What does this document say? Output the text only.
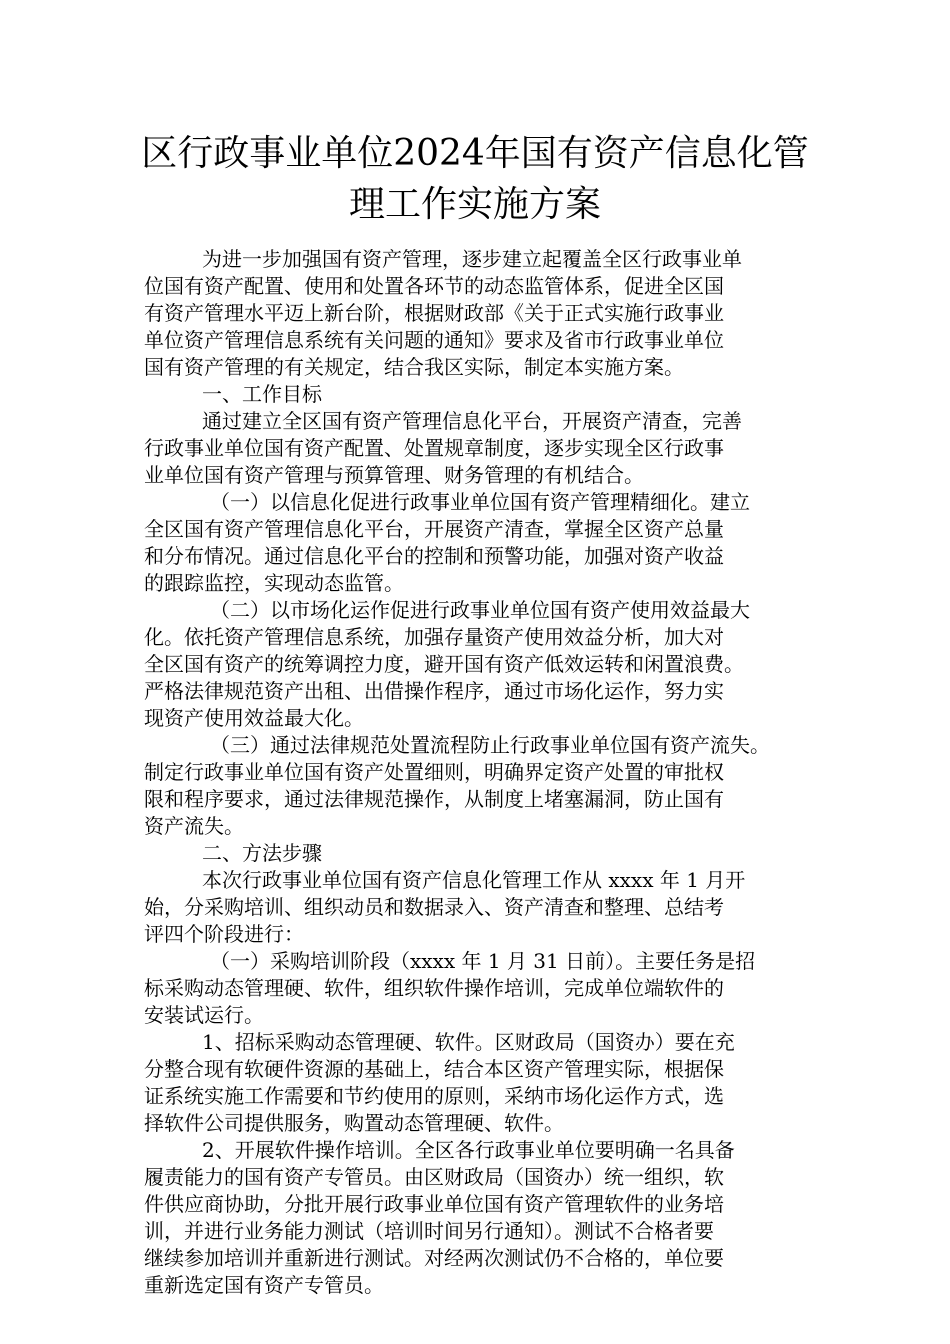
区行政事业单位2024年国有资产信息化管
理工作实施方案

为进一步加强国有资产管理，逐步建立起覆盖全区行政事业单
位国有资产配置、使用和处置各环节的动态监管体系，促进全区国
有资产管理水平迈上新台阶，根据财政部《关于正式实施行政事业
单位资产管理信息系统有关问题的通知》要求及省市行政事业单位
国有资产管理的有关规定，结合我区实际，制定本实施方案。

一、工作目标

通过建立全区国有资产管理信息化平台，开展资产清查，完善
行政事业单位国有资产配置、处置规章制度，逐步实现全区行政事
业单位国有资产管理与预算管理、财务管理的有机结合。

（一）以信息化促进行政事业单位国有资产管理精细化。建立
全区国有资产管理信息化平台，开展资产清查，掌握全区资产总量
和分布情况。通过信息化平台的控制和预警功能，加强对资产收益
的跟踪监控，实现动态监管。

（二）以市场化运作促进行政事业单位国有资产使用效益最大
化。依托资产管理信息系统，加强存量资产使用效益分析，加大对
全区国有资产的统筹调控力度，避开国有资产低效运转和闲置浪费。
严格法律规范资产出租、出借操作程序，通过市场化运作，努力实
现资产使用效益最大化。

（三）通过法律规范处置流程防止行政事业单位国有资产流失。
制定行政事业单位国有资产处置细则，明确界定资产处置的审批权
限和程序要求，通过法律规范操作，从制度上堵塞漏洞，防止国有
资产流失。

二、方法步骤

本次行政事业单位国有资产信息化管理工作从 xxxx 年 1 月开
始，分采购培训、组织动员和数据录入、资产清查和整理、总结考
评四个阶段进行：

（一）采购培训阶段（xxxx 年 1 月 31 日前）。主要任务是招
标采购动态管理硬、软件，组织软件操作培训，完成单位端软件的
安装试运行。

1、招标采购动态管理硬、软件。区财政局（国资办）要在充
分整合现有软硬件资源的基础上，结合本区资产管理实际，根据保
证系统实施工作需要和节约使用的原则，采纳市场化运作方式，选
择软件公司提供服务，购置动态管理硬、软件。

2、开展软件操作培训。全区各行政事业单位要明确一名具备
履责能力的国有资产专管员。由区财政局（国资办）统一组织，软
件供应商协助，分批开展行政事业单位国有资产管理软件的业务培
训，并进行业务能力测试（培训时间另行通知）。测试不合格者要
继续参加培训并重新进行测试。对经两次测试仍不合格的，单位要
重新选定国有资产专管员。
